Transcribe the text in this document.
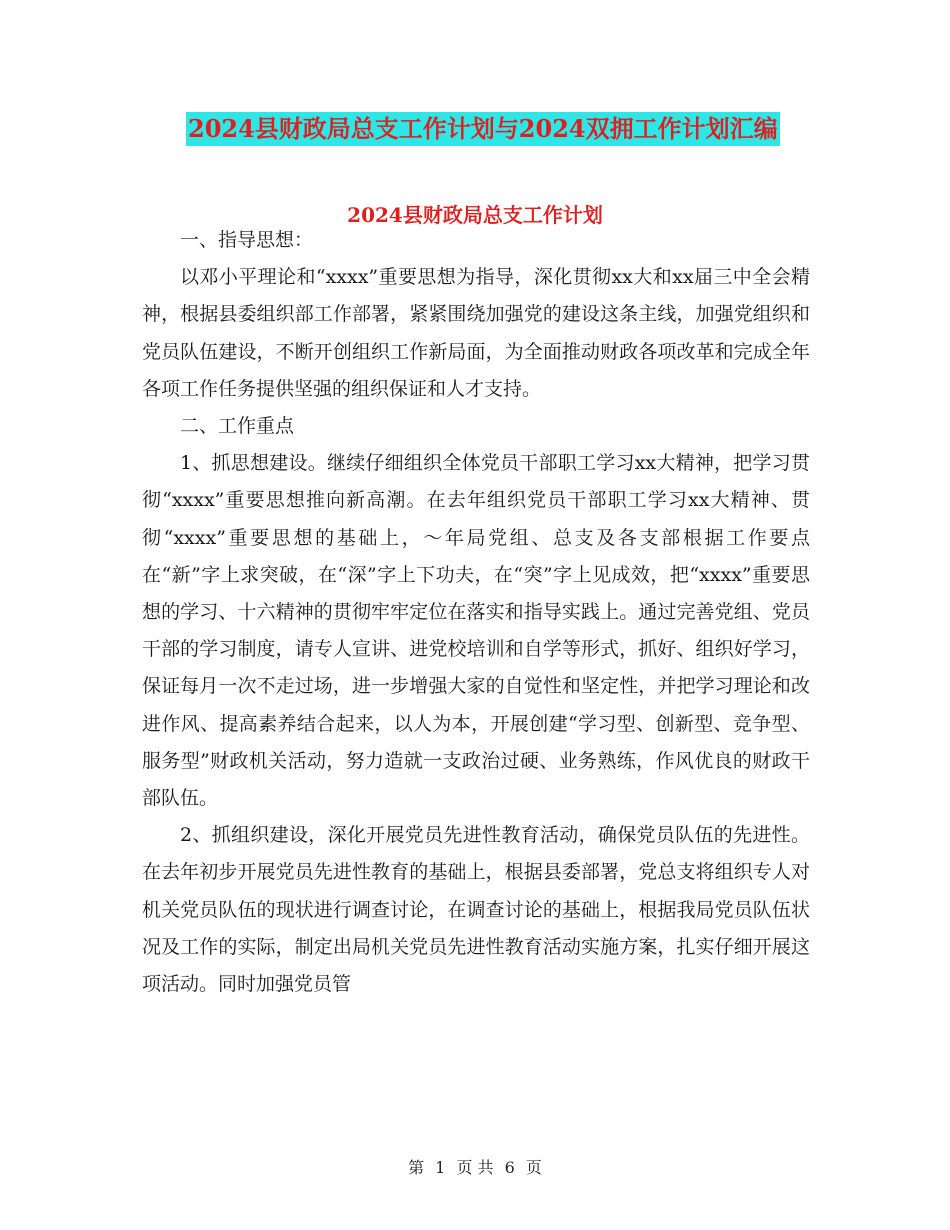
2024县财政局总支工作计划与2024双拥工作计划汇编
2024县财政局总支工作计划

一、指导思想：

以邓小平理论和“xxxx”重要思想为指导，深化贯彻xx大和xx届三中全会精神，根据县委组织部工作部署，紧紧围绕加强党的建设这条主线，加强党组织和党员队伍建设，不断开创组织工作新局面，为全面推动财政各项改革和完成全年各项工作任务提供坚强的组织保证和人才支持。

二、工作重点

1、抓思想建设。继续仔细组织全体党员干部职工学习xx大精神，把学习贯彻“xxxx”重要思想推向新高潮。在去年组织党员干部职工学习xx大精神、贯彻“xxxx”重要思想的基础上，～年局党组、总支及各支部根据工作要点在“新”字上求突破，在“深”字上下功夫，在“突”字上见成效，把“xxxx”重要思想的学习、十六精神的贯彻牢牢定位在落实和指导实践上。通过完善党组、党员干部的学习制度，请专人宣讲、进党校培训和自学等形式，抓好、组织好学习，保证每月一次不走过场，进一步增强大家的自觉性和坚定性，并把学习理论和改进作风、提高素养结合起来，以人为本，开展创建“学习型、创新型、竞争型、服务型”财政机关活动，努力造就一支政治过硬、业务熟练，作风优良的财政干部队伍。

2、抓组织建设，深化开展党员先进性教育活动，确保党员队伍的先进性。在去年初步开展党员先进性教育的基础上，根据县委部署，党总支将组织专人对机关党员队伍的现状进行调查讨论，在调查讨论的基础上，根据我局党员队伍状况及工作的实际，制定出局机关党员先进性教育活动实施方案，扎实仔细开展这项活动。同时加强党员管

第 1 页 共 6 页
